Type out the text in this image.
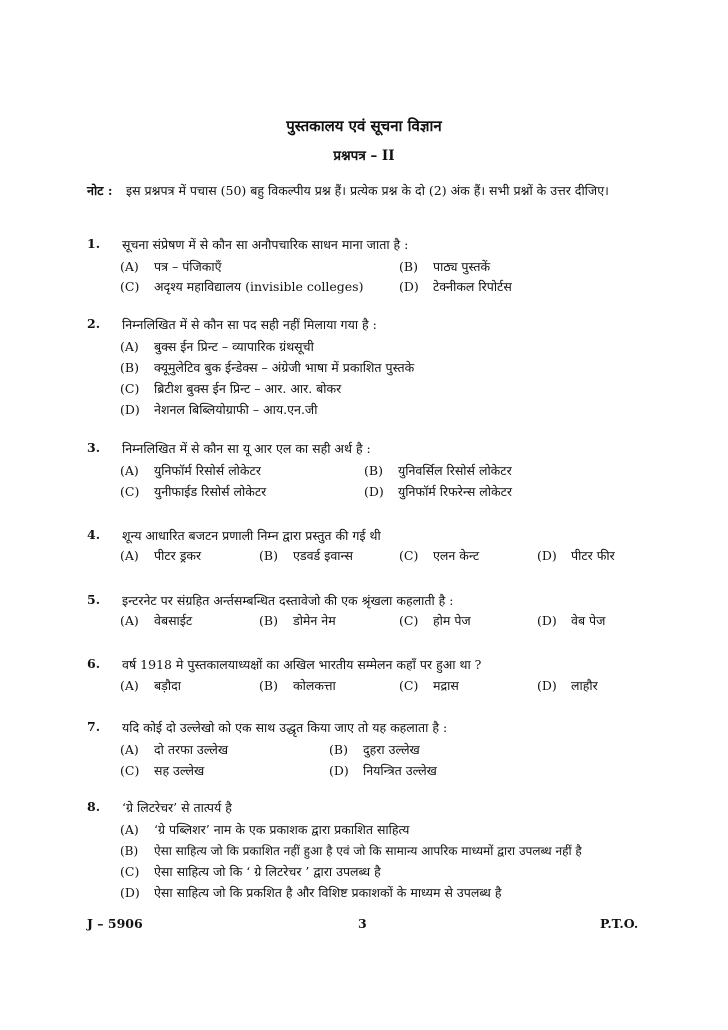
पुस्तकालय एवं सूचना विज्ञान
प्रश्नपत्र – II
नोट : इस प्रश्नपत्र में पचास (50) बहु विकल्पीय प्रश्न हैं। प्रत्येक प्रश्न के दो (2) अंक हैं। सभी प्रश्नों के उत्तर दीजिए।
1. सूचना संप्रेषण में से कौन सा अनौपचारिक साधन माना जाता है :
(A) पत्र – पंजिकाएँ	(B) पाठ्य पुस्तकें
(C) अदृश्य महाविद्यालय (invisible colleges)	(D) टेक्नीकल रिपोर्टस
2. निम्नलिखित में से कौन सा पद सही नहीं मिलाया गया है :
(A) बुक्स ईन प्रिन्ट – व्यापारिक ग्रंथसूची
(B) क्यूमुलेटिव बुक ईन्डेक्स – अंग्रेजी भाषा में प्रकाशित पुस्तके
(C) ब्रिटीश बुक्स ईन प्रिन्ट – आर. आर. बोकर
(D) नेशनल बिब्लियोग्राफी – आय.एन.जी
3. निम्नलिखित में से कौन सा यू आर एल का सही अर्थ है :
(A) युनिफॉर्म रिसोर्स लोकेटर	(B) युनिवर्सिल रिसोर्स लोकेटर
(C) युनीफाईड रिसोर्स लोकेटर	(D) युनिफॉर्म रिफरेन्स लोकेटर
4. शून्य आधारित बजटन प्रणाली निम्न द्वारा प्रस्तुत की गई थी
(A) पीटर ड्रकर	(B) एडवर्ड इवान्स	(C) एलन केन्ट	(D) पीटर फीर
5. इन्टरनेट पर संग्रहित अर्न्तसम्बन्धित दस्तावेजो की एक श्रृंखला कहलाती है :
(A) वेबसाईट	(B) डोमेन नेम	(C) होम पेज	(D) वेब पेज
6. वर्ष 1918 मे पुस्तकालयाध्यक्षों का अखिल भारतीय सम्मेलन कहाँ पर हुआ था ?
(A) बड़ौदा	(B) कोलकत्ता	(C) मद्रास	(D) लाहौर
7. यदि कोई दो उल्लेखो को एक साथ उद्धृत किया जाए तो यह कहलाता है :
(A) दो तरफा उल्लेख	(B) दुहरा उल्लेख
(C) सह उल्लेख	(D) नियन्त्रित उल्लेख
8. ‘ग्रे लिटरेचर’ से तात्पर्य है
(A) ‘ग्रे पब्लिशर’ नाम के एक प्रकाशक द्वारा प्रकाशित साहित्य
(B) ऐसा साहित्य जो कि प्रकाशित नहीं हुआ है एवं जो कि सामान्य आपरिक माध्यमों द्वारा उपलब्ध नहीं है
(C) ऐसा साहित्य जो कि ‘ ग्रे लिटरेचर ’ द्वारा उपलब्ध है
(D) ऐसा साहित्य जो कि प्रकशित है और विशिष्ट प्रकाशकों के माध्यम से उपलब्ध है
J – 5906	3	P.T.O.
